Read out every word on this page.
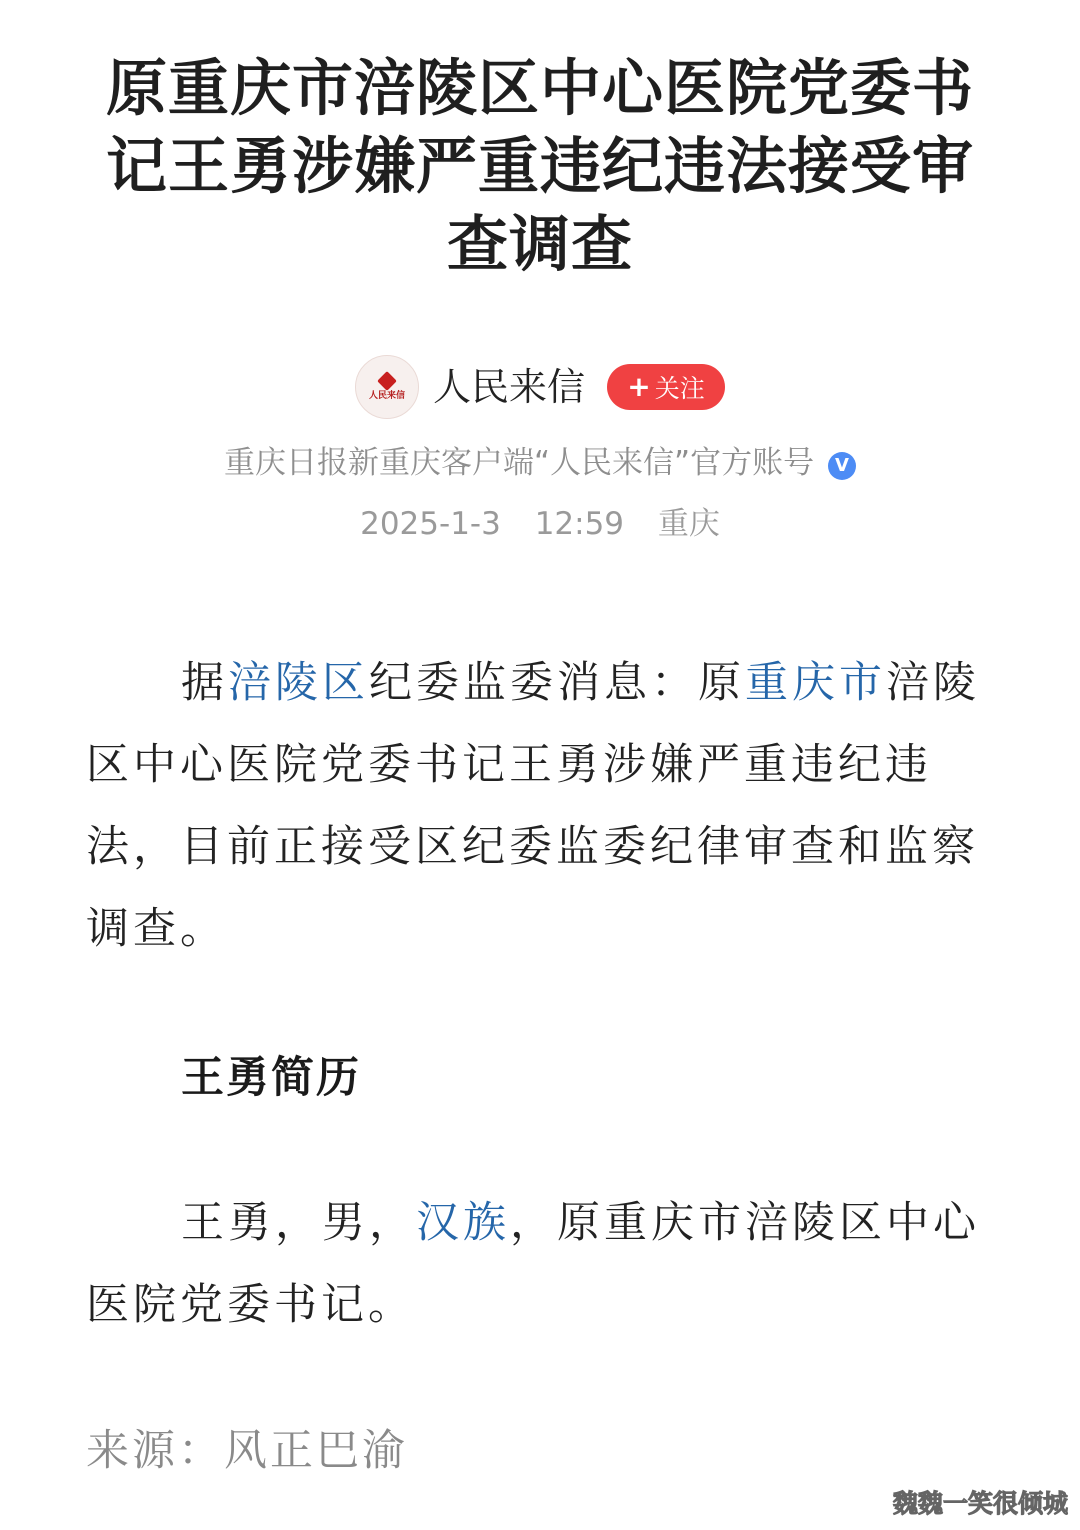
原重庆市涪陵区中心医院党委书记王勇涉嫌严重违纪违法接受审查调查
人民来信 人民来信 + 关注
重庆日报新重庆客户端“人民来信”官方账号 V
2025-1-3 12:59 重庆

据涪陵区纪委监委消息：原重庆市涪陵区中心医院党委书记王勇涉嫌严重违纪违法，目前正接受区纪委监委纪律审查和监察调查。

王勇简历

王勇，男，汉族，原重庆市涪陵区中心医院党委书记。

来源：风正巴渝

魏魏一笑很倾城
